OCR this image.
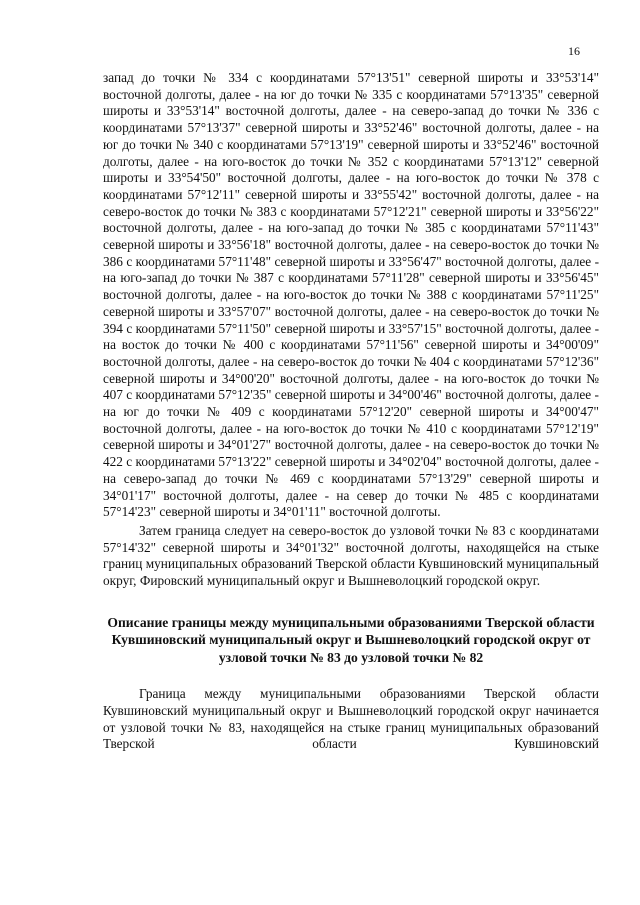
16

запад до точки № 334 с координатами 57°13'51" северной широты и 33°53'14" восточной долготы, далее - на юг до точки № 335 с координатами 57°13'35" северной широты и 33°53'14" восточной долготы, далее - на северо-запад до точки № 336 с координатами 57°13'37" северной широты и 33°52'46" восточной долготы, далее - на юг до точки № 340 с координатами 57°13'19" северной широты и 33°52'46" восточной долготы, далее - на юго-восток до точки № 352 с координатами 57°13'12" северной широты и 33°54'50" восточной долготы, далее - на юго-восток до точки № 378 с координатами 57°12'11" северной широты и 33°55'42" восточной долготы, далее - на северо-восток до точки № 383 с координатами 57°12'21" северной широты и 33°56'22" восточной долготы, далее - на юго-запад до точки № 385 с координатами 57°11'43" северной широты и 33°56'18" восточной долготы, далее - на северо-восток до точки № 386 с координатами 57°11'48" северной широты и 33°56'47" восточной долготы, далее - на юго-запад до точки № 387 с координатами 57°11'28" северной широты и 33°56'45" восточной долготы, далее - на юго-восток до точки № 388 с координатами 57°11'25" северной широты и 33°57'07" восточной долготы, далее - на северо-восток до точки № 394 с координатами 57°11'50" северной широты и 33°57'15" восточной долготы, далее - на восток до точки № 400 с координатами 57°11'56" северной широты и 34°00'09" восточной долготы, далее - на северо-восток до точки № 404 с координатами 57°12'36" северной широты и 34°00'20" восточной долготы, далее - на юго-восток до точки № 407 с координатами 57°12'35" северной широты и 34°00'46" восточной долготы, далее - на юг до точки № 409 с координатами 57°12'20" северной широты и 34°00'47" восточной долготы, далее - на юго-восток до точки № 410 с координатами 57°12'19" северной широты и 34°01'27" восточной долготы, далее - на северо-восток до точки № 422 с координатами 57°13'22" северной широты и 34°02'04" восточной долготы, далее - на северо-запад до точки № 469 с координатами 57°13'29" северной широты и 34°01'17" восточной долготы, далее - на север до точки № 485 с координатами 57°14'23" северной широты и 34°01'11" восточной долготы.

Затем граница следует на северо-восток до узловой точки № 83 с координатами 57°14'32" северной широты и 34°01'32" восточной долготы, находящейся на стыке границ муниципальных образований Тверской области Кувшиновский муниципальный округ, Фировский муниципальный округ и Вышневолоцкий городской округ.

Описание границы между муниципальными образованиями Тверской области Кувшиновский муниципальный округ и Вышневолоцкий городской округ от узловой точки № 83 до узловой точки № 82

Граница между муниципальными образованиями Тверской области Кувшиновский муниципальный округ и Вышневолоцкий городской округ начинается от узловой точки № 83, находящейся на стыке границ муниципальных образований Тверской области Кувшиновский
